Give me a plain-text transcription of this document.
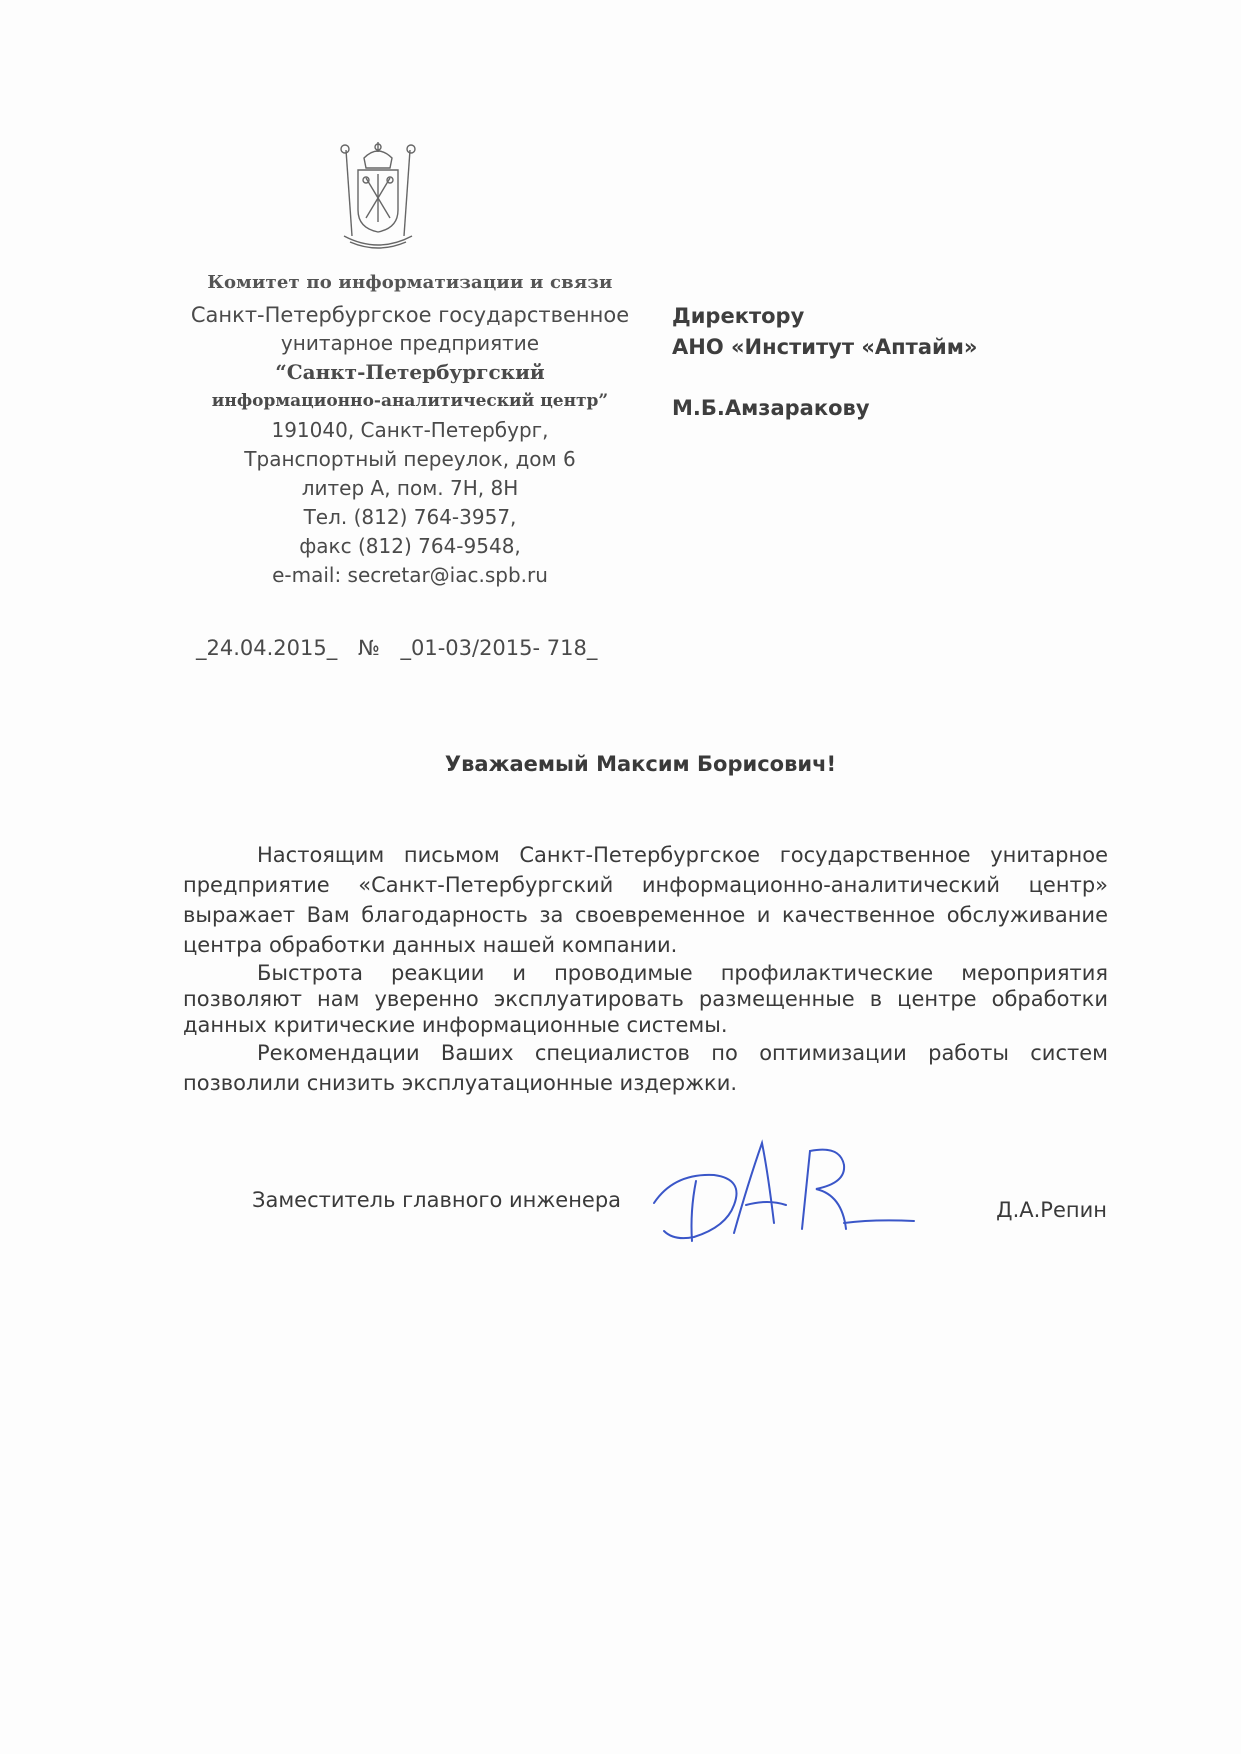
Комитет по информатизации и связи
Санкт-Петербургское государственное
унитарное предприятие
“Санкт-Петербургский
информационно-аналитический центр”
191040, Санкт-Петербург,
Транспортный переулок, дом 6
литер А, пом. 7Н, 8Н
Тел. (812) 764-3957,
факс (812) 764-9548,
e-mail: secretar@iac.spb.ru
_24.04.2015_ № _01-03/2015- 718_
Директору
АНО «Институт «Аптайм»
М.Б.Амзаракову
Уважаемый Максим Борисович!

Настоящим письмом Санкт-Петербургское государственное унитарное предприятие «Санкт-Петербургский информационно-аналитический центр» выражает Вам благодарность за своевременное и качественное обслуживание центра обработки данных нашей компании.

Быстрота реакции и проводимые профилактические мероприятия позволяют нам уверенно эксплуатировать размещенные в центре обработки данных критические информационные системы.

Рекомендации Ваших специалистов по оптимизации работы систем позволили снизить эксплуатационные издержки.

Заместитель главного инженера	Д.А.Репин
